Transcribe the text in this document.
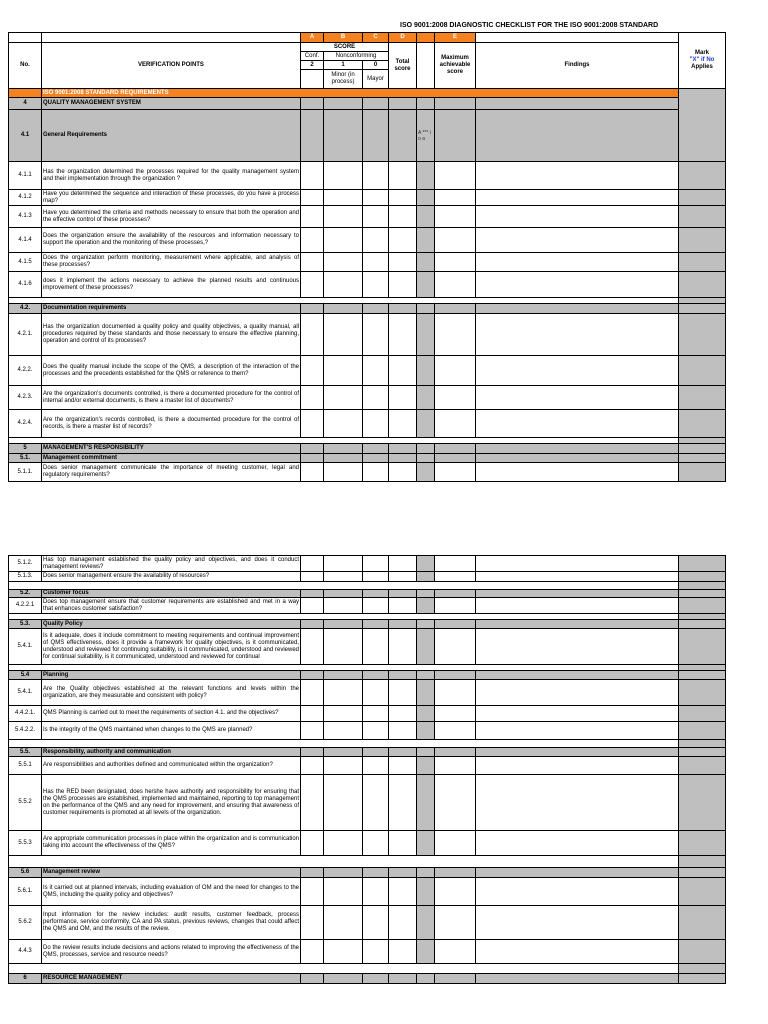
ISO 9001:2008 DIAGNOSTIC CHECKLIST FOR THE ISO 9001:2008 STANDARD
		A	B	C	D		E		Mark
"X" if No
Applies	

No.	VERIFICATION POINTS	SCORE			Total score		Maximum achievable score	Findings		
		Conf.	Nonconforming							
		2	1	0						
			Minor (in process)	Mayor						
	ISO 9001:2008 STANDARD REQUIREMENTS									
4	QUALITY MANAGEMENT SYSTEM									
4.1	General Requirements					A *** i o a				
4.1.1	Has the organization determined the processes required for the quality management system and their implementation through the organization ?									
4.1.2	Have you determined the sequence and interaction of these processes, do you have a process map?									
4.1.3	Have you determined the criteria and methods necessary to ensure that both the operation and the effective control of these processes?									
4.1.4	Does the organization ensure the availability of the resources and information necessary to support the operation and the monitoring of these processes,?									
4.1.5	Does the organization perform monitoring, measurement where applicable, and analysis of these processes?									
4.1.6	does it implement the actions necessary to achieve the planned results and continuous improvement of these processes?									

4.2.	Documentation requirements									
4.2.1.	Has the organization documented a quality policy and quality objectives, a quality manual, all procedures required by these standards and those necessary to ensure the effective planning, operation and control of its processes?									
4.2.2.	Does the quality manual include the scope of the QMS, a description of the interaction of the processes and the precedents established for the QMS or reference to them?									
4.2.3.	Are the organization's documents controlled, is there a documented procedure for the control of internal and/or external documents, is there a master list of documents?									
4.2.4.	Are the organization's records controlled, is there a documented procedure for the control of records, is there a master list of records?									

5	MANAGEMENT'S RESPONSIBILITY									
5.1.	Management commitment									
5.1.1.	Does senior management communicate the importance of meeting customer, legal and regulatory requirements?									
5.1.2.	Has top management established the quality policy and objectives, and does it conduct management reviews?								
5.1.3.	Does senior management ensure the availability of resources?								

5.2.	Customer focus								
4.2.2.1	Does top management ensure that customer requirements are established and met in a way that enhances customer satisfaction?								

5.3.	Quality Policy								
5.4.1.	Is it adequate, does it include commitment to meeting requirements and continual improvement of QMS effectiveness, does it provide a framework for quality objectives, is it communicated, understood and reviewed for continuing suitability, is it communicated, understood and reviewed for continual suitability, is it communicated, understood and reviewed for continual								

5.4	Planning								
5.4.1.	Are the Quality objectives established at the relevant functions and levels within the organization, are they measurable and consistent with policy?								
4.4.2.1.	QMS Planning is carried out to meet the requirements of section 4.1. and the objectives?								
5.4.2.2.	Is the integrity of the QMS maintained when changes to the QMS are planned?								

5.5.	Responsibility, authority and communication								
5.5.1	Are responsibilities and authorities defined and communicated within the organization?								
5.5.2	Has the RED been designated, does he/she have authority and responsibility for ensuring that the QMS processes are established, implemented and maintained, reporting to top management on the performance of the QMS and any need for improvement, and ensuring that awareness of customer requirements is promoted at all levels of the organization.								
5.5.3	Are appropriate communication processes in place within the organization and is communication taking into account the effectiveness of the QMS?								

5.6	Management review								
5.6.1.	Is it carried out at planned intervals, including evaluation of OM and the need for changes to the QMS, including the quality policy and objectives?								
5.6.2	Input information for the review includes: audit results, customer feedback, process performance, service conformity, CA and PA status, previous reviews, changes that could affect the QMS and OM, and the results of the review.								
4.4.3	Do the review results include decisions and actions related to improving the effectiveness of the QMS, processes, service and resource needs?								

6	RESOURCE MANAGEMENT								
